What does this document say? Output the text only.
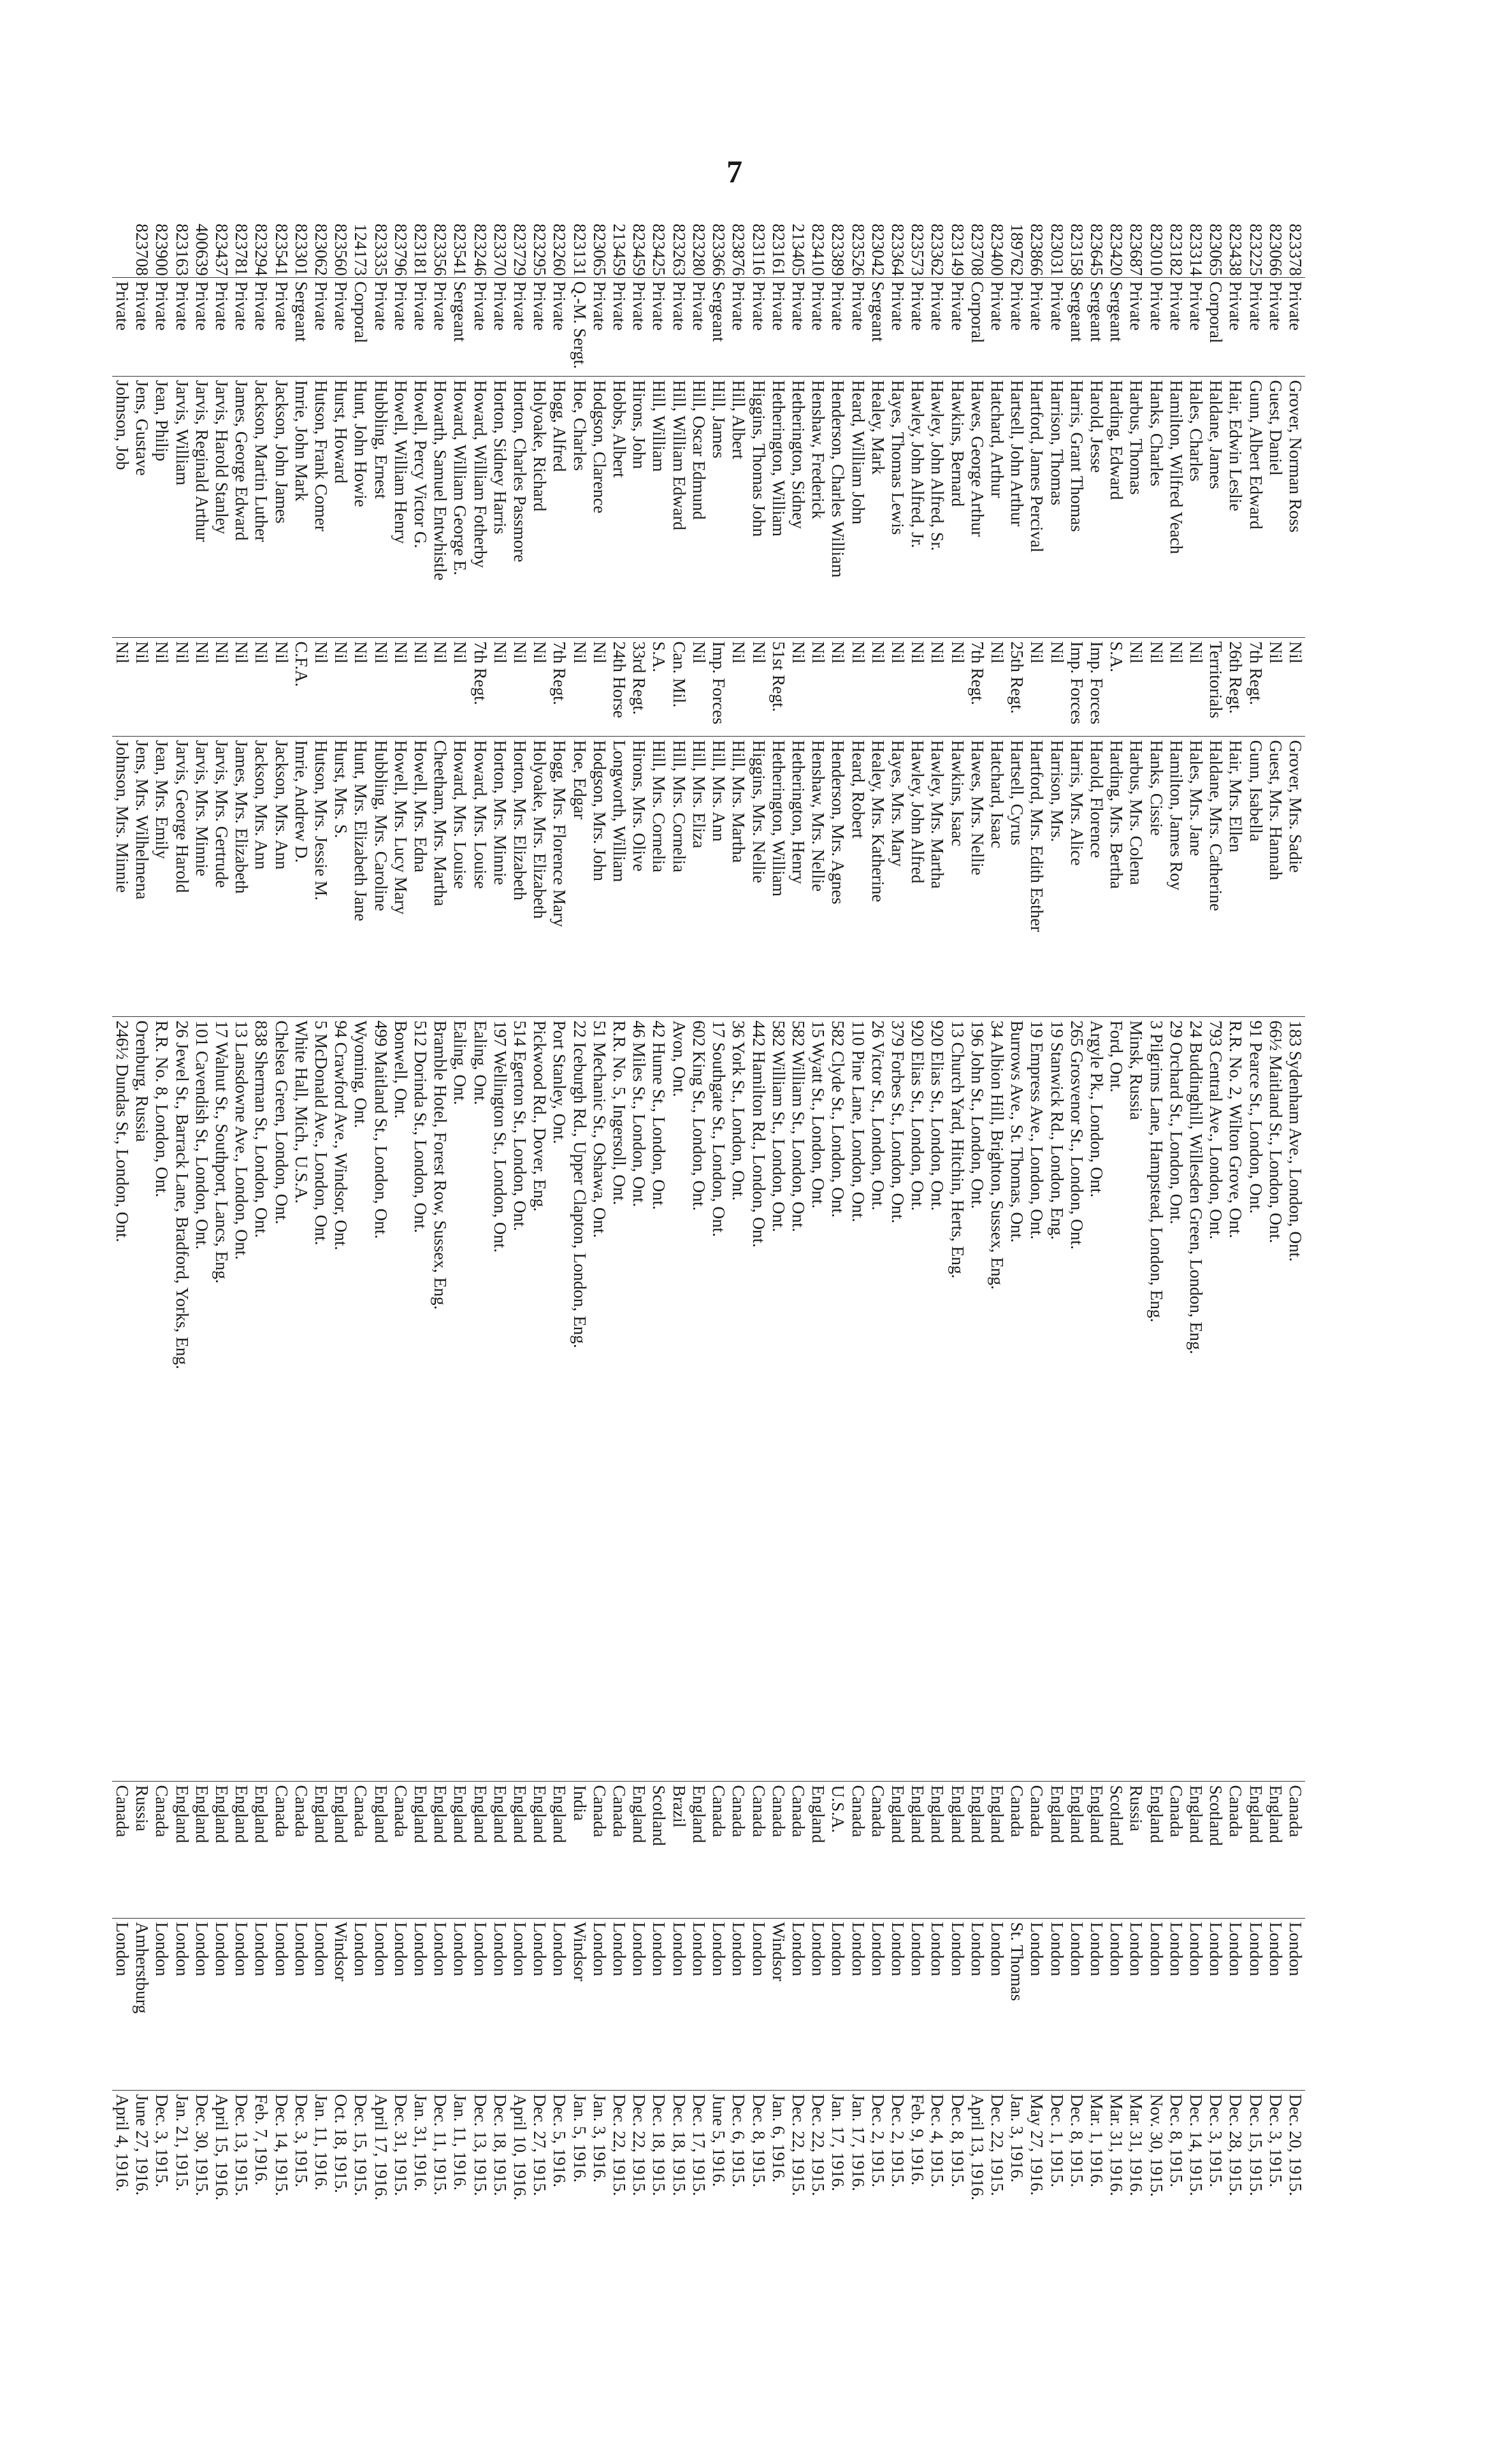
7
823378	Private	Grover, Norman Ross	Nil	Grover, Mrs. Sadie	183 Sydenham Ave., London, Ont.	Canada	London	Dec. 20, 1915.
823066	Private	Guest, Daniel	Nil	Guest, Mrs. Hannah	66½ Maitland St., London, Ont.	England	London	Dec. 3, 1915.
823225	Private	Gunn, Albert Edward	7th Regt.	Gunn, Isabella	91 Pearce St., London, Ont.	England	London	Dec. 15, 1915.
823438	Private	Hair, Edwin Leslie	26th Regt.	Hair, Mrs. Ellen	R.R. No. 2, Wilton Grove, Ont.	Canada	London	Dec. 28, 1915.
823065	Corporal	Haldane, James	Territorials	Haldane, Mrs. Catherine	793 Central Ave., London, Ont.	Scotland	London	Dec. 3, 1915.
823314	Private	Hales, Charles	Nil	Hales, Mrs. Jane	24 Buddinghill, Willesden Green, London, Eng.	England	London	Dec. 14, 1915.
823182	Private	Hamilton, Wilfred Veach	Nil	Hamilton, James Roy	29 Orchard St., London, Ont.	Canada	London	Dec. 8, 1915.
823010	Private	Hanks, Charles	Nil	Hanks, Cissie	3 Pilgrims Lane, Hampstead, London, Eng.	England	London	Nov. 30, 1915.
823687	Private	Harbus, Thomas	Nil	Harbus, Mrs. Colena	Minsk, Russia	Russia	London	Mar. 31, 1916.
823420	Sergeant	Harding, Edward	S.A.	Harding, Mrs. Bertha	Ford, Ont.	Scotland	London	Mar. 31, 1916.
823645	Sergeant	Harold, Jesse	Imp. Forces	Harold, Florence	Argyle Pk., London, Ont.	England	London	Mar. 1, 1916.
823158	Sergeant	Harris, Grant Thomas	Imp. Forces	Harris, Mrs. Alice	265 Grosvenor St., London, Ont.	England	London	Dec. 8, 1915.
823031	Private	Harrison, Thomas	Nil	Harrison, Mrs.	19 Stanwick Rd., London, Eng.	England	London	Dec. 1, 1915.
823866	Private	Hartford, James Percival	Nil	Hartford, Mrs. Edith Esther	19 Empress Ave., London, Ont.	Canada	London	May 27, 1916.
189762	Private	Hartsell, John Arthur	25th Regt.	Hartsell, Cyrus	Burrows Ave., St. Thomas, Ont.	Canada	St. Thomas	Jan. 3, 1916.
823400	Private	Hatchard, Arthur	Nil	Hatchard, Isaac	34 Albion Hill, Brighton, Sussex, Eng.	England	London	Dec. 22, 1915.
823708	Corporal	Hawes, George Arthur	7th Regt.	Hawes, Mrs. Nellie	196 John St., London, Ont.	England	London	April 13, 1916.
823149	Private	Hawkins, Bernard	Nil	Hawkins, Isaac	13 Church Yard, Hitchin, Herts, Eng.	England	London	Dec. 8, 1915.
823362	Private	Hawley, John Alfred, Sr.	Nil	Hawley, Mrs. Martha	920 Elias St., London, Ont.	England	London	Dec. 4, 1915.
823573	Private	Hawley, John Alfred, Jr.	Nil	Hawley, John Alfred	920 Elias St., London, Ont.	England	London	Feb. 9, 1916.
823364	Private	Hayes, Thomas Lewis	Nil	Hayes, Mrs. Mary	379 Forbes St., London, Ont.	England	London	Dec. 2, 1915.
823042	Sergeant	Healey, Mark	Nil	Healey, Mrs. Katherine	26 Victor St., London, Ont.	Canada	London	Dec. 2, 1915.
823526	Private	Heard, William John	Nil	Heard, Robert	110 Pine Lane, London, Ont.	Canada	London	Jan. 17, 1916.
823389	Private	Henderson, Charles William	Nil	Henderson, Mrs. Agnes	582 Clyde St., London, Ont.	U.S.A.	London	Jan. 17, 1916.
823410	Private	Henshaw, Frederick	Nil	Henshaw, Mrs. Nellie	15 Wyatt St., London, Ont.	England	London	Dec. 22, 1915.
213405	Private	Hetherington, Sidney	Nil	Hetherington, Henry	582 William St., London, Ont.	Canada	London	Dec. 22, 1915.
823161	Private	Hetherington, William	51st Regt.	Hetherington, William	582 William St., London, Ont.	Canada	Windsor	Jan. 6, 1916.
823116	Private	Higgins, Thomas John	Nil	Higgins, Mrs. Nellie	442 Hamilton Rd., London, Ont.	Canada	London	Dec. 8, 1915.
823876	Private	Hill, Albert	Nil	Hill, Mrs. Martha	36 York St., London, Ont.	Canada	London	Dec. 6, 1915.
823366	Sergeant	Hill, James	Imp. Forces	Hill, Mrs. Ann	17 Southgate St., London, Ont.	Canada	London	June 5, 1916.
823280	Private	Hill, Oscar Edmund	Nil	Hill, Mrs. Eliza	602 King St., London, Ont.	England	London	Dec. 17, 1915.
823263	Private	Hill, William Edward	Can. Mil.	Hill, Mrs. Cornelia	Avon, Ont.	Brazil	London	Dec. 18, 1915.
823425	Private	Hill, William	S.A.	Hill, Mrs. Cornelia	42 Hume St., London, Ont.	Scotland	London	Dec. 18, 1915.
823459	Private	Hirons, John	33rd Regt.	Hirons, Mrs. Olive	46 Miles St., London, Ont.	England	London	Dec. 22, 1915.
213459	Private	Hobbs, Albert	24th Horse	Longworth, William	R.R. No. 5, Ingersoll, Ont.	Canada	London	Dec. 22, 1915.
823065	Private	Hodgson, Clarence	Nil	Hodgson, Mrs. John	51 Mechanic St., Oshawa, Ont.	Canada	London	Jan. 3, 1916.
823131	Q.-M. Sergt.	Hoe, Charles	Nil	Hoe, Edgar	22 Iceburgh Rd., Upper Clapton, London, Eng.	India	Windsor	Jan. 5, 1916.
823260	Private	Hogg, Alfred	7th Regt.	Hogg, Mrs. Florence Mary	Port Stanley, Ont.	England	London	Dec. 5, 1916.
823295	Private	Holyoake, Richard	Nil	Holyoake, Mrs. Elizabeth	Pickwood Rd., Dover, Eng.	England	London	Dec. 27, 1915.
823729	Private	Horton, Charles Passmore	Nil	Horton, Mrs. Elizabeth	514 Egerton St., London, Ont.	England	London	April 10, 1916.
823370	Private	Horton, Sidney Harris	Nil	Horton, Mrs. Minnie	197 Wellington St., London, Ont.	England	London	Dec. 18, 1915.
823246	Private	Howard, William Fotherby	7th Regt.	Howard, Mrs. Louise	Ealing, Ont.	England	London	Dec. 13, 1915.
823541	Sergeant	Howard, William George E.	Nil	Howard, Mrs. Louise	Ealing, Ont.	England	London	Jan. 11, 1916.
823356	Private	Howarth, Samuel Entwhistle	Nil	Cheetham, Mrs. Martha	Bramble Hotel, Forest Row, Sussex, Eng.	England	London	Dec. 11, 1915.
823181	Private	Howell, Percy Victor G.	Nil	Howell, Mrs. Edna	512 Dorinda St., London, Ont.	England	London	Jan. 31, 1916.
823796	Private	Howell, William Henry	Nil	Howell, Mrs. Lucy Mary	Bonwell, Ont.	Canada	London	Dec. 31, 1915.
823335	Private	Hubbling, Ernest	Nil	Hubbling, Mrs. Caroline	499 Maitland St., London, Ont.	England	London	April 17, 1916.
124173	Corporal	Hunt, John Howie	Nil	Hunt, Mrs. Elizabeth Jane	Wyoming, Ont.	Canada	London	Dec. 15, 1915.
823560	Private	Hurst, Howard	Nil	Hurst, Mrs. S.	94 Crawford Ave., Windsor, Ont.	England	Windsor	Oct. 18, 1915.
823062	Private	Hutson, Frank Comer	Nil	Hutson, Mrs. Jessie M.	5 McDonald Ave., London, Ont.	England	London	Jan. 11, 1916.
823301	Sergeant	Imrie, John Mark	C.F.A.	Imrie, Andrew D.	White Hall, Mich., U.S.A.	Canada	London	Dec. 3, 1915.
823541	Private	Jackson, John James	Nil	Jackson, Mrs. Ann	Chelsea Green, London, Ont.	Canada	London	Dec. 14, 1915.
823294	Private	Jackson, Martin Luther	Nil	Jackson, Mrs. Ann	838 Sherman St., London, Ont.	England	London	Feb. 7, 1916.
823781	Private	James, George Edward	Nil	James, Mrs. Elizabeth	13 Lansdowne Ave., London, Ont.	England	London	Dec. 13, 1915.
823437	Private	Jarvis, Harold Stanley	Nil	Jarvis, Mrs. Gertrude	17 Walnut St., Southport, Lancs, Eng.	England	London	April 15, 1916.
400639	Private	Jarvis, Reginald Arthur	Nil	Jarvis, Mrs. Minnie	101 Cavendish St., London, Ont.	England	London	Dec. 30, 1915.
823163	Private	Jarvis, William	Nil	Jarvis, George Harold	26 Jewel St., Barrack Lane, Bradford, Yorks, Eng.	England	London	Jan. 21, 1915.
823900	Private	Jean, Philip	Nil	Jean, Mrs. Emily	R.R. No. 8, London, Ont.	Canada	London	Dec. 3, 1915.
823708	Private	Jens, Gustave	Nil	Jens, Mrs. Wilhelmena	Orenburg, Russia	Russia	Amherstburg	June 27, 1916.
	Private	Johnson, Job	Nil	Johnson, Mrs. Minnie	246½ Dundas St., London, Ont.	Canada	London	April 4, 1916.
